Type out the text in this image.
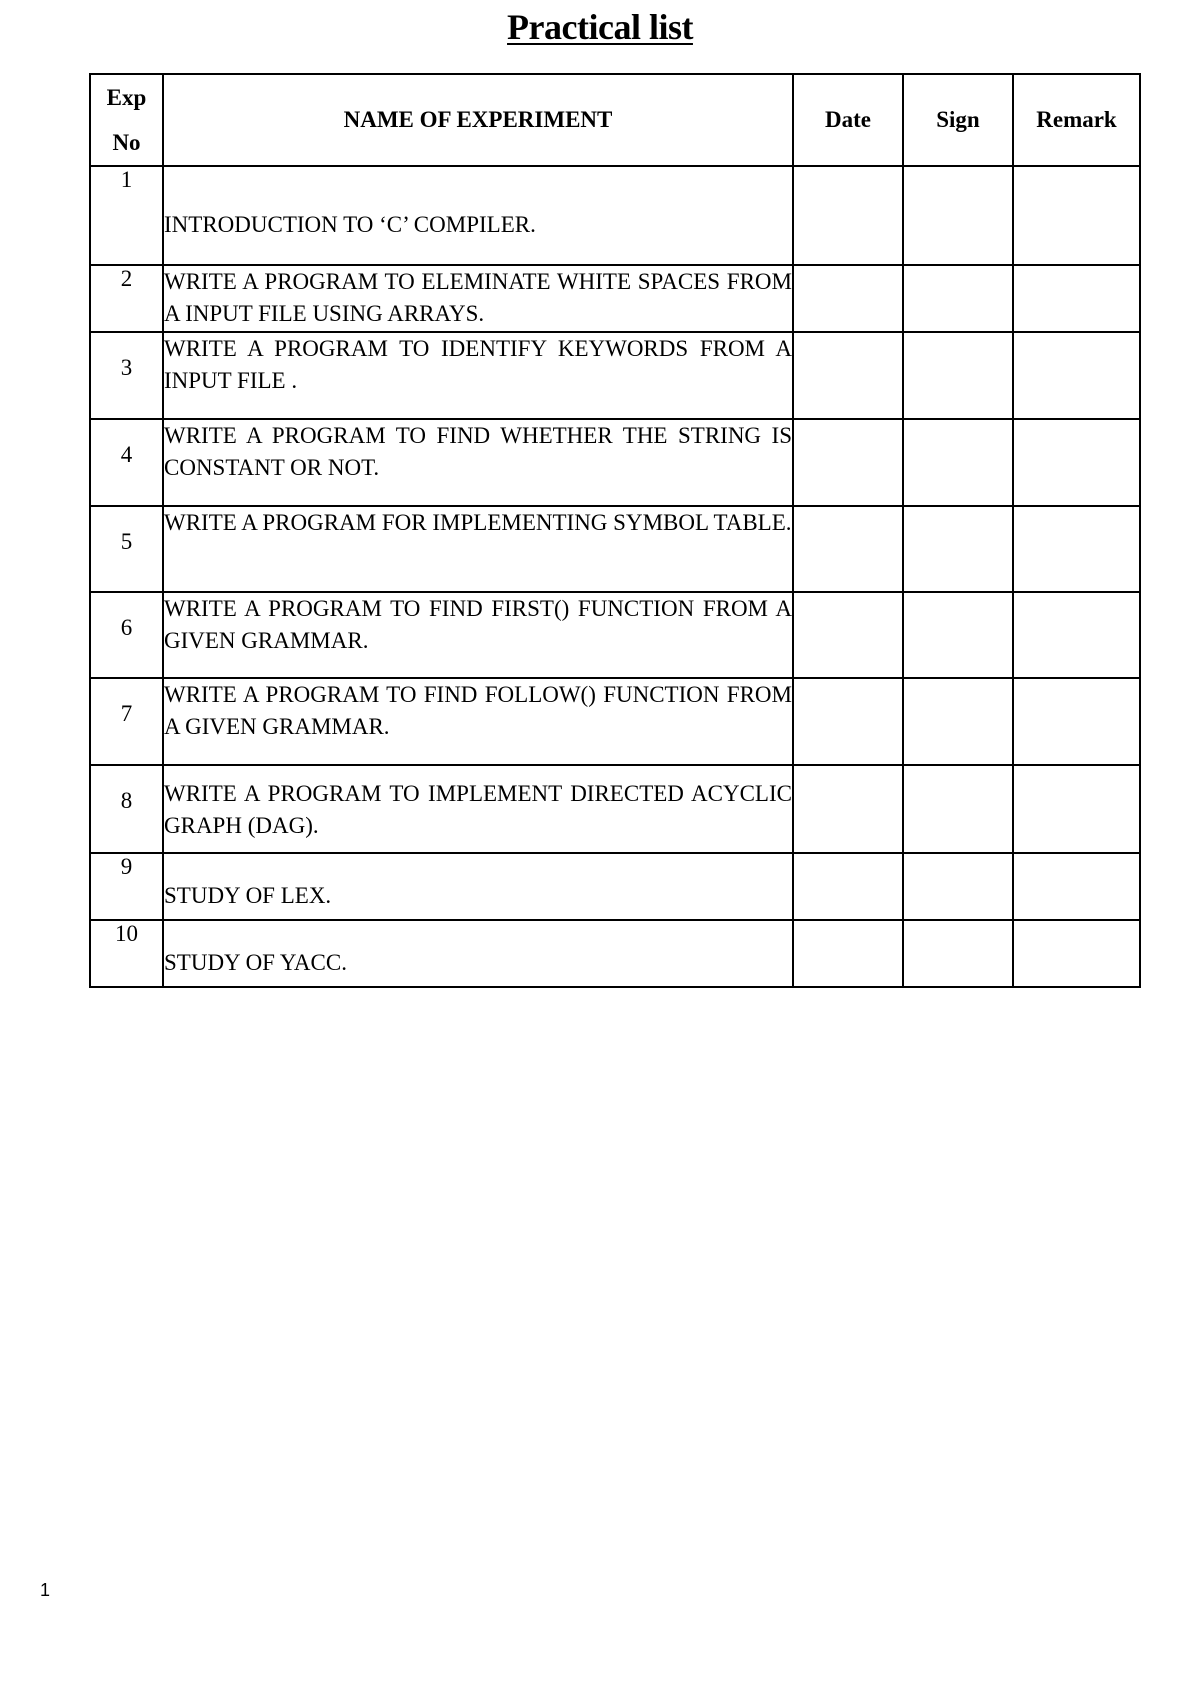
Practical list
Exp
No	NAME OF EXPERIMENT	Date	Sign	Remark
1	INTRODUCTION TO ‘C’ COMPILER.			
2	WRITE A PROGRAM TO ELEMINATE WHITE SPACES FROM A INPUT FILE USING ARRAYS.			
3	WRITE A PROGRAM TO IDENTIFY KEYWORDS FROM A INPUT FILE .			
4	WRITE A PROGRAM TO FIND WHETHER THE STRING IS CONSTANT OR NOT.			
5	WRITE A PROGRAM FOR IMPLEMENTING SYMBOL TABLE.			
6	WRITE A PROGRAM TO FIND FIRST() FUNCTION FROM A GIVEN GRAMMAR.			
7	WRITE A PROGRAM TO FIND FOLLOW() FUNCTION FROM A GIVEN GRAMMAR.			
8	WRITE A PROGRAM TO IMPLEMENT DIRECTED ACYCLIC GRAPH (DAG).			
9	STUDY OF LEX.			
10	STUDY OF YACC.			
1
